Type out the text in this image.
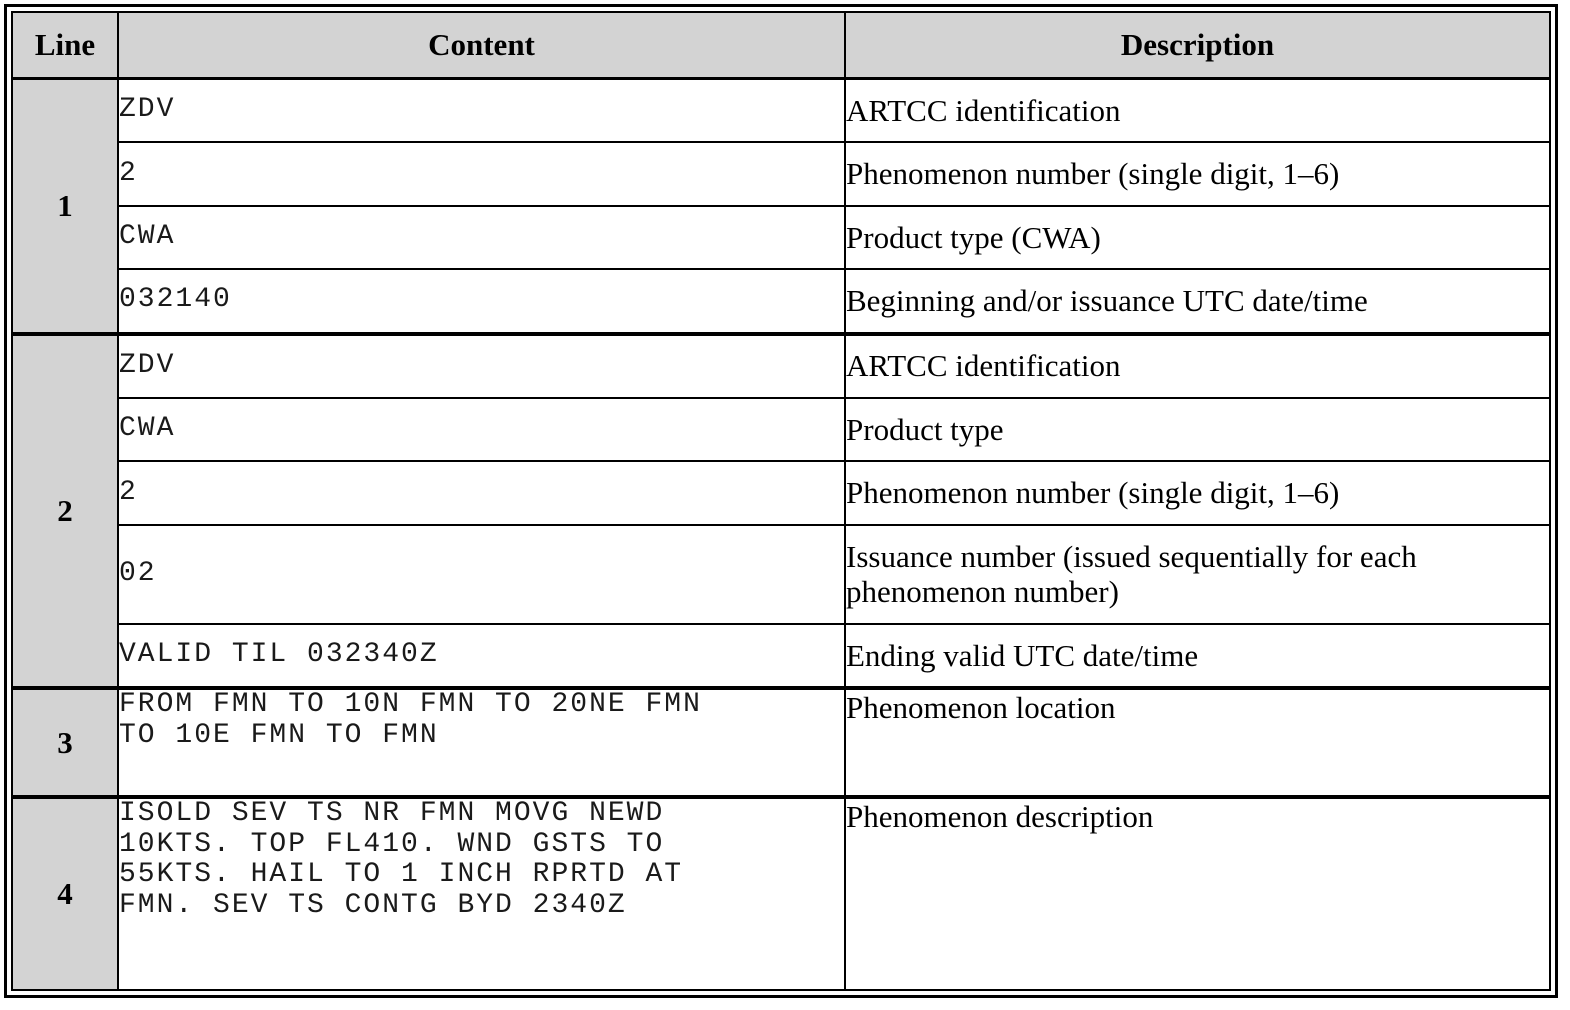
Line	Content	Description
1	ZDV	ARTCC identification

	2	Phenomenon number (single digit, 1–6)

	CWA	Product type (CWA)

	032140	Beginning and/or issuance UTC date/time
2	ZDV	ARTCC identification

	CWA	Product type

	2	Phenomenon number (single digit, 1–6)

	02	Issuance number (issued sequentially for each phenomenon number)

	VALID TIL 032340Z	Ending valid UTC date/time
3	FROM FMN TO 10N FMN TO 20NE FMN
TO 10E FMN TO FMN	Phenomenon location
4	ISOLD SEV TS NR FMN MOVG NEWD
10KTS. TOP FL410. WND GSTS TO
55KTS. HAIL TO 1 INCH RPRTD AT
FMN. SEV TS CONTG BYD 2340Z	Phenomenon description
